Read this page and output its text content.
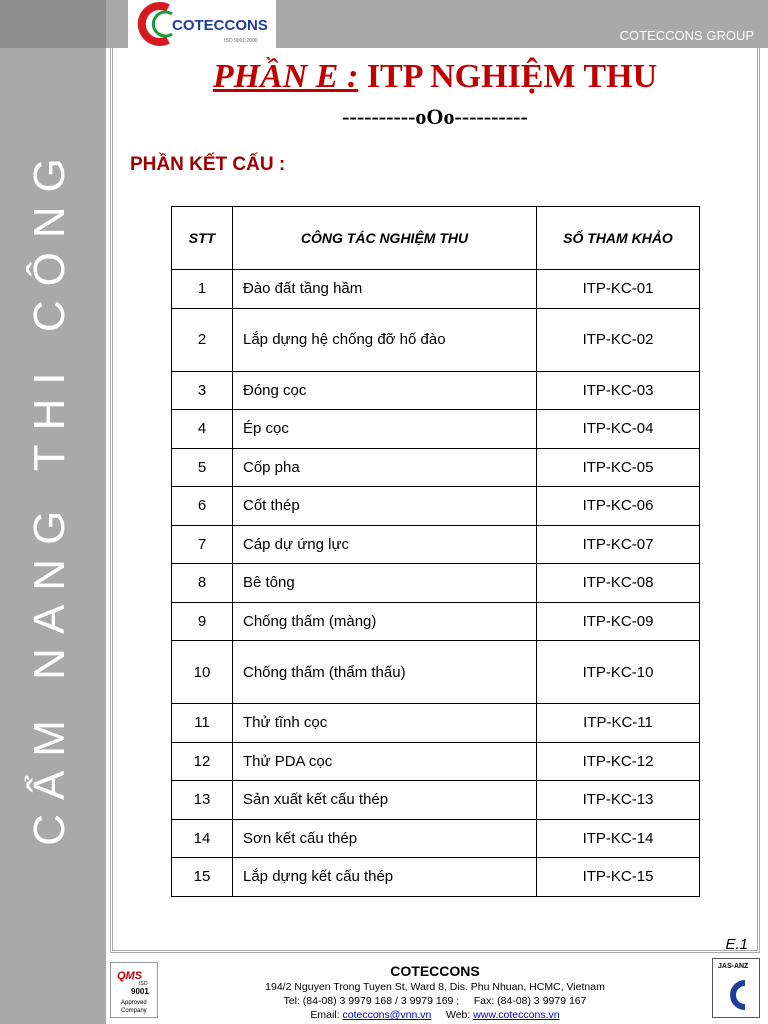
COTECCONS
ISO 9001:2000	COTECCONS GROUP
CẨM NANG THI CÔNG
PHẦN E : ITP NGHIỆM THU
----------oOo----------
PHẦN KẾT CẤU :
STT	CÔNG TÁC NGHIỆM THU	SỐ THAM KHẢO
1	Đào đất tầng hầm	ITP-KC-01
2	Lắp dựng hệ chống đỡ hố đào	ITP-KC-02
3	Đóng cọc	ITP-KC-03
4	Ép cọc	ITP-KC-04
5	Cốp pha	ITP-KC-05
6	Cốt thép	ITP-KC-06
7	Cáp dự ứng lực	ITP-KC-07
8	Bê tông	ITP-KC-08
9	Chống thấm (màng)	ITP-KC-09
10	Chống thấm (thẩm thấu)	ITP-KC-10
11	Thử tĩnh cọc	ITP-KC-11
12	Thử PDA cọc	ITP-KC-12
13	Sản xuất kết cấu thép	ITP-KC-13
14	Sơn kết cấu thép	ITP-KC-14
15	Lắp dựng kết cấu thép	ITP-KC-15
E.1
QMS
ISO
9001
Approved
Company
COTECCONS
194/2 Nguyen Trong Tuyen St, Ward 8, Dis. Phu Nhuan, HCMC, Vietnam
Tel: (84-08) 3 9979 168 / 3 9979 169 ; Fax: (84-08) 3 9979 167
Email: coteccons@vnn.vn Web: www.coteccons.vn
JAS-ANZ
